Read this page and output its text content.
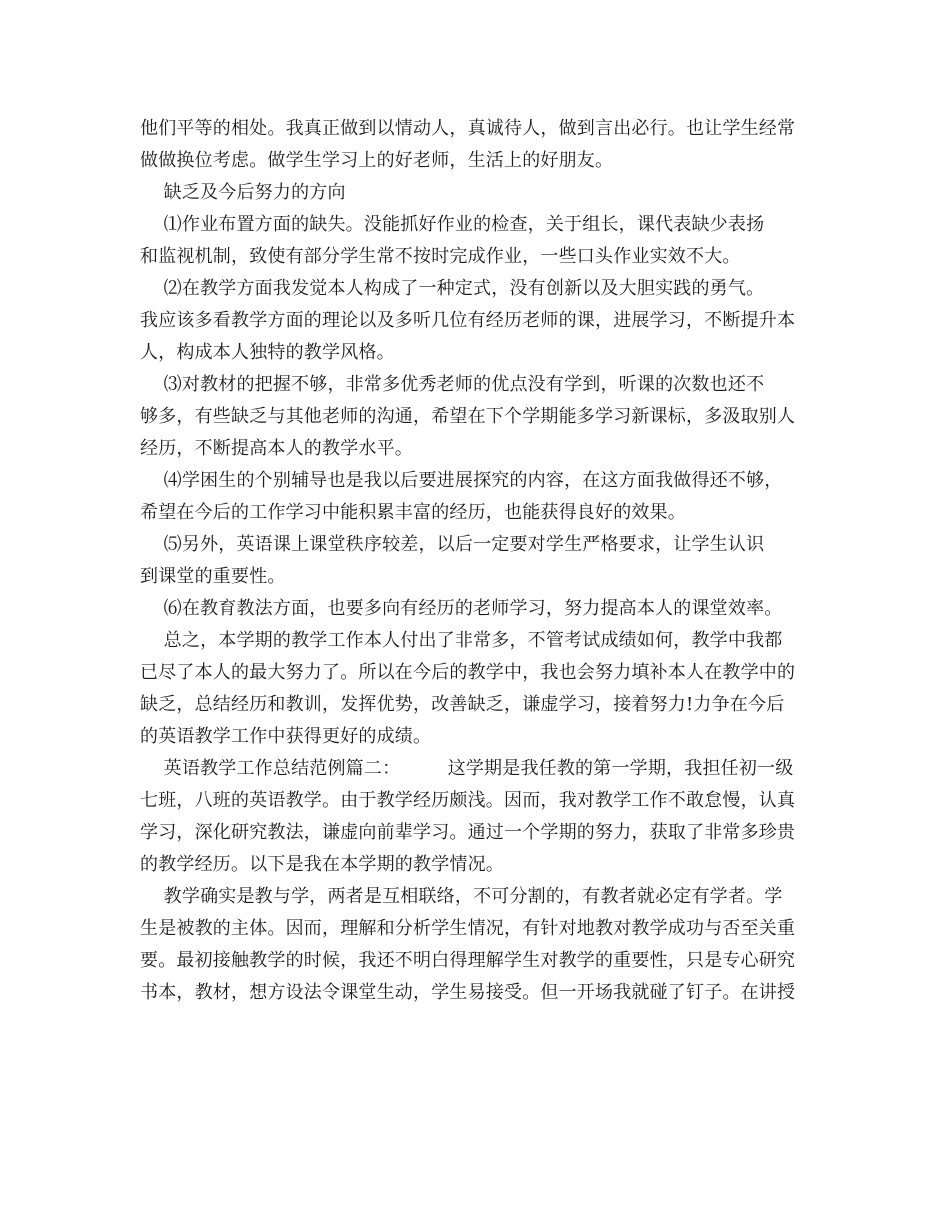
他们平等的相处。我真正做到以情动人，真诚待人，做到言出必行。也让学生经常
做做换位考虑。做学生学习上的好老师，生活上的好朋友。
缺乏及今后努力的方向
⑴作业布置方面的缺失。没能抓好作业的检查，关于组长，课代表缺少表扬
和监视机制，致使有部分学生常不按时完成作业，一些口头作业实效不大。
⑵在教学方面我发觉本人构成了一种定式，没有创新以及大胆实践的勇气。
我应该多看教学方面的理论以及多听几位有经历老师的课，进展学习，不断提升本
人，构成本人独特的教学风格。
⑶对教材的把握不够，非常多优秀老师的优点没有学到，听课的次数也还不
够多，有些缺乏与其他老师的沟通，希望在下个学期能多学习新课标，多汲取别人
经历，不断提高本人的教学水平。
⑷学困生的个别辅导也是我以后要进展探究的内容，在这方面我做得还不够，
希望在今后的工作学习中能积累丰富的经历，也能获得良好的效果。
⑸另外，英语课上课堂秩序较差，以后一定要对学生严格要求，让学生认识
到课堂的重要性。
⑹在教育教法方面，也要多向有经历的老师学习，努力提高本人的课堂效率。
总之，本学期的教学工作本人付出了非常多，不管考试成绩如何，教学中我都
已尽了本人的最大努力了。所以在今后的教学中，我也会努力填补本人在教学中的
缺乏，总结经历和教训，发挥优势，改善缺乏，谦虚学习，接着努力!力争在今后
的英语教学工作中获得更好的成绩。
英语教学工作总结范例篇二：        这学期是我任教的第一学期，我担任初一级
七班，八班的英语教学。由于教学经历颇浅。因而，我对教学工作不敢怠慢，认真
学习，深化研究教法，谦虚向前辈学习。通过一个学期的努力，获取了非常多珍贵
的教学经历。以下是我在本学期的教学情况。
教学确实是教与学，两者是互相联络，不可分割的，有教者就必定有学者。学
生是被教的主体。因而，理解和分析学生情况，有针对地教对教学成功与否至关重
要。最初接触教学的时候，我还不明白得理解学生对教学的重要性，只是专心研究
书本，教材，想方设法令课堂生动，学生易接受。但一开场我就碰了钉子。在讲授
